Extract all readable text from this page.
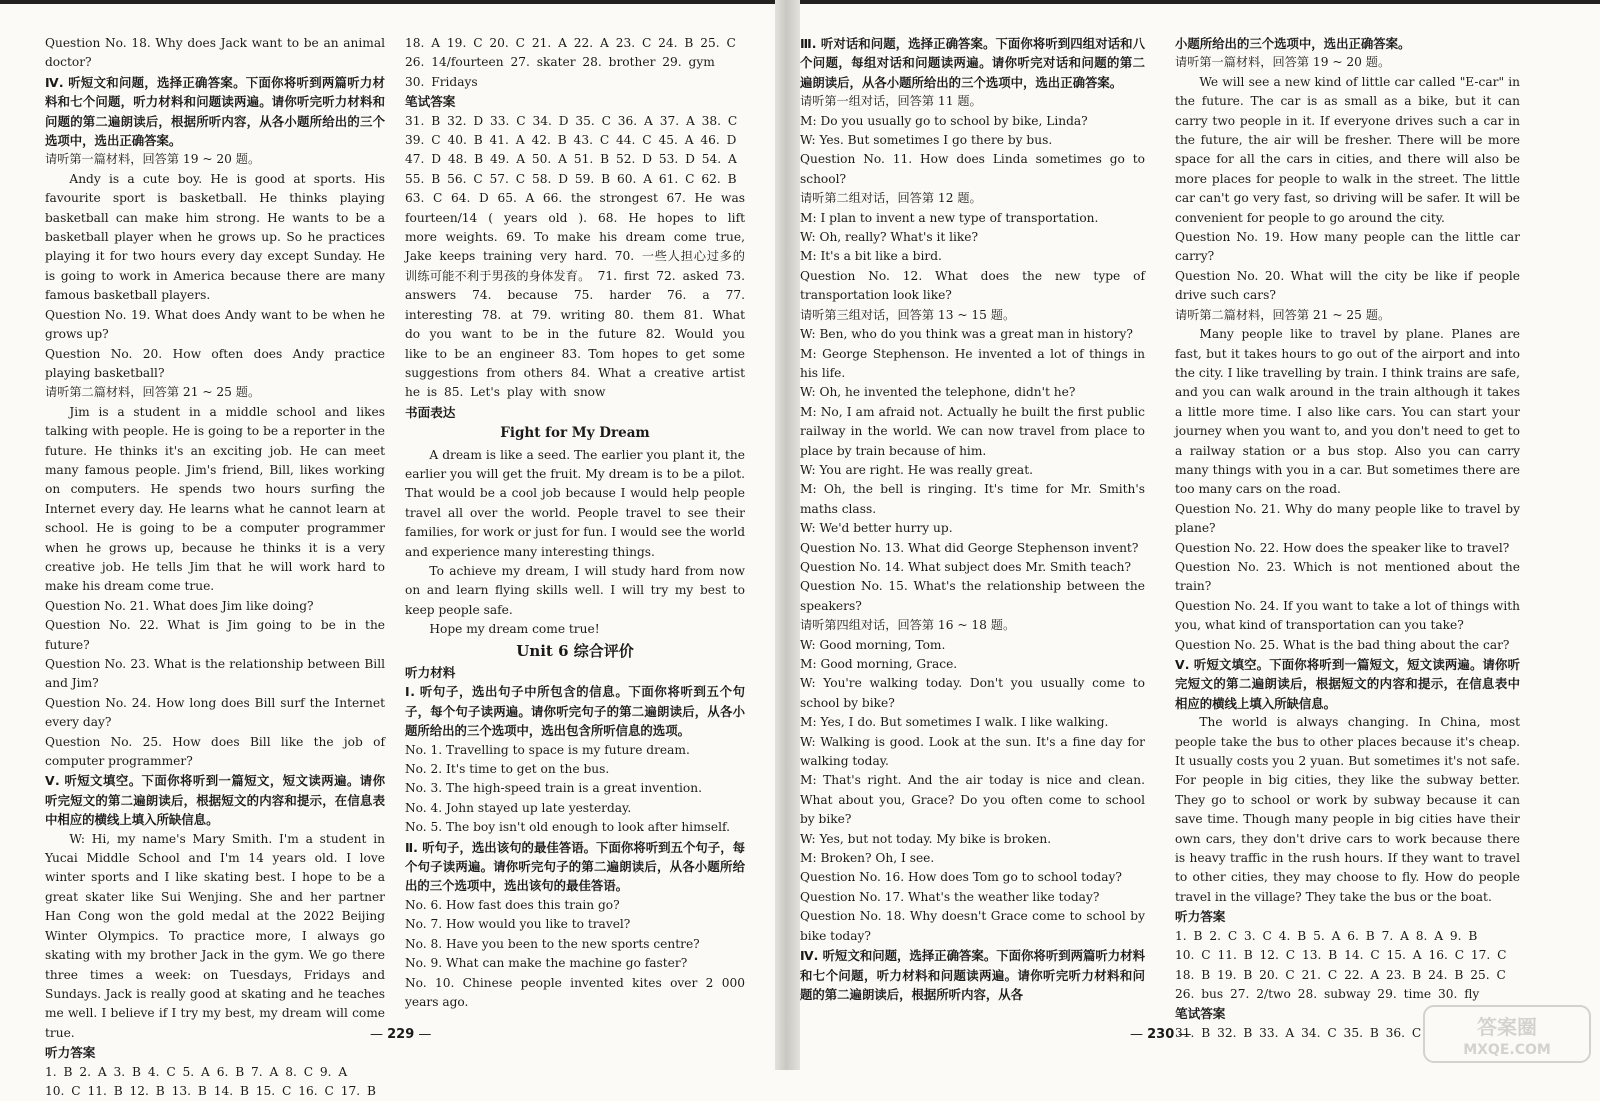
Question No. 18. Why does Jack want to be an animal doctor?

Ⅳ. 听短文和问题，选择正确答案。下面你将听到两篇听力材料和七个问题，听力材料和问题读两遍。请你听完听力材料和问题的第二遍朗读后，根据所听内容，从各小题所给出的三个选项中，选出正确答案。

请听第一篇材料，回答第 19 ~ 20 题。

Andy is a cute boy. He is good at sports. His favourite sport is basketball. He thinks playing basketball can make him strong. He wants to be a basketball player when he grows up. So he practices playing it for two hours every day except Sunday. He is going to work in America because there are many famous basketball players.

Question No. 19. What does Andy want to be when he grows up?

Question No. 20. How often does Andy practice playing basketball?

请听第二篇材料，回答第 21 ~ 25 题。

Jim is a student in a middle school and likes talking with people. He is going to be a reporter in the future. He thinks it's an exciting job. He can meet many famous people. Jim's friend, Bill, likes working on computers. He spends two hours surfing the Internet every day. He learns what he cannot learn at school. He is going to be a computer programmer when he grows up, because he thinks it is a very creative job. He tells Jim that he will work hard to make his dream come true.

Question No. 21. What does Jim like doing?

Question No. 22. What is Jim going to be in the future?

Question No. 23. What is the relationship between Bill and Jim?

Question No. 24. How long does Bill surf the Internet every day?

Question No. 25. How does Bill like the job of computer programmer?

Ⅴ. 听短文填空。下面你将听到一篇短文，短文读两遍。请你听完短文的第二遍朗读后，根据短文的内容和提示，在信息表中相应的横线上填入所缺信息。

W: Hi, my name's Mary Smith. I'm a student in Yucai Middle School and I'm 14 years old. I love winter sports and I like skating best. I hope to be a great skater like Sui Wenjing. She and her partner Han Cong won the gold medal at the 2022 Beijing Winter Olympics. To practice more, I always go skating with my brother Jack in the gym. We go there three times a week: on Tuesdays, Fridays and Sundays. Jack is really good at skating and he teaches me well. I believe if I try my best, my dream will come true.

听力答案

1. B 2. A 3. B 4. C 5. A 6. B 7. A 8. C 9. A

10. C 11. B 12. B 13. B 14. B 15. C 16. C 17. B

18. A 19. C 20. C 21. A 22. A 23. C 24. B 25. C

26. 14/fourteen 27. skater 28. brother 29. gym

30. Fridays

笔试答案

31. B 32. D 33. C 34. D 35. C 36. A 37. A 38. C

39. C 40. B 41. A 42. B 43. C 44. C 45. A 46. D

47. D 48. B 49. A 50. A 51. B 52. D 53. D 54. A

55. B 56. C 57. C 58. D 59. B 60. A 61. C 62. B

63. C 64. D 65. A 66. the strongest 67. He was fourteen/14 ( years old ). 68. He hopes to lift more weights. 69. To make his dream come true, Jake keeps training very hard. 70. 一些人担心过多的训练可能不利于男孩的身体发育。 71. first 72. asked 73. answers 74. because 75. harder 76. a 77. interesting 78. at 79. writing 80. them 81. What do you want to be in the future 82. Would you like to be an engineer 83. Tom hopes to get some suggestions from others 84. What a creative artist he is 85. Let's play with snow

书面表达

Fight for My Dream

A dream is like a seed. The earlier you plant it, the earlier you will get the fruit. My dream is to be a pilot. That would be a cool job because I would help people travel all over the world. People travel to see their families, for work or just for fun. I would see the world and experience many interesting things.

To achieve my dream, I will study hard from now on and learn flying skills well. I will try my best to keep people safe.

Hope my dream come true!

Unit 6 综合评价

听力材料

Ⅰ. 听句子，选出句子中所包含的信息。下面你将听到五个句子，每个句子读两遍。请你听完句子的第二遍朗读后，从各小题所给出的三个选项中，选出包含所听信息的选项。

No. 1. Travelling to space is my future dream.

No. 2. It's time to get on the bus.

No. 3. The high-speed train is a great invention.

No. 4. John stayed up late yesterday.

No. 5. The boy isn't old enough to look after himself.

Ⅱ. 听句子，选出该句的最佳答语。下面你将听到五个句子，每个句子读两遍。请你听完句子的第二遍朗读后，从各小题所给出的三个选项中，选出该句的最佳答语。

No. 6. How fast does this train go?

No. 7. How would you like to travel?

No. 8. Have you been to the new sports centre?

No. 9. What can make the machine go faster?

No. 10. Chinese people invented kites over 2 000 years ago.

— 229 —

Ⅲ. 听对话和问题，选择正确答案。下面你将听到四组对话和八个问题，每组对话和问题读两遍。请你听完对话和问题的第二遍朗读后，从各小题所给出的三个选项中，选出正确答案。

请听第一组对话，回答第 11 题。

M: Do you usually go to school by bike, Linda?

W: Yes. But sometimes I go there by bus.

Question No. 11. How does Linda sometimes go to school?

请听第二组对话，回答第 12 题。

M: I plan to invent a new type of transportation.

W: Oh, really? What's it like?

M: It's a bit like a bird.

Question No. 12. What does the new type of transportation look like?

请听第三组对话，回答第 13 ~ 15 题。

W: Ben, who do you think was a great man in history?

M: George Stephenson. He invented a lot of things in his life.

W: Oh, he invented the telephone, didn't he?

M: No, I am afraid not. Actually he built the first public railway in the world. We can now travel from place to place by train because of him.

W: You are right. He was really great.

M: Oh, the bell is ringing. It's time for Mr. Smith's maths class.

W: We'd better hurry up.

Question No. 13. What did George Stephenson invent?

Question No. 14. What subject does Mr. Smith teach?

Question No. 15. What's the relationship between the speakers?

请听第四组对话，回答第 16 ~ 18 题。

W: Good morning, Tom.

M: Good morning, Grace.

W: You're walking today. Don't you usually come to school by bike?

M: Yes, I do. But sometimes I walk. I like walking.

W: Walking is good. Look at the sun. It's a fine day for walking today.

M: That's right. And the air today is nice and clean. What about you, Grace? Do you often come to school by bike?

W: Yes, but not today. My bike is broken.

M: Broken? Oh, I see.

Question No. 16. How does Tom go to school today?

Question No. 17. What's the weather like today?

Question No. 18. Why doesn't Grace come to school by bike today?

Ⅳ. 听短文和问题，选择正确答案。下面你将听到两篇听力材料和七个问题，听力材料和问题读两遍。请你听完听力材料和问题的第二遍朗读后，根据所听内容，从各

小题所给出的三个选项中，选出正确答案。

请听第一篇材料，回答第 19 ~ 20 题。

We will see a new kind of little car called "E-car" in the future. The car is as small as a bike, but it can carry two people in it. If everyone drives such a car in the future, the air will be fresher. There will be more space for all the cars in cities, and there will also be more places for people to walk in the street. The little car can't go very fast, so driving will be safer. It will be convenient for people to go around the city.

Question No. 19. How many people can the little car carry?

Question No. 20. What will the city be like if people drive such cars?

请听第二篇材料，回答第 21 ~ 25 题。

Many people like to travel by plane. Planes are fast, but it takes hours to go out of the airport and into the city. I like travelling by train. I think trains are safe, and you can walk around in the train although it takes a little more time. I also like cars. You can start your journey when you want to, and you don't need to get to a railway station or a bus stop. Also you can carry many things with you in a car. But sometimes there are too many cars on the road.

Question No. 21. Why do many people like to travel by plane?

Question No. 22. How does the speaker like to travel?

Question No. 23. Which is not mentioned about the train?

Question No. 24. If you want to take a lot of things with you, what kind of transportation can you take?

Question No. 25. What is the bad thing about the car?

Ⅴ. 听短文填空。下面你将听到一篇短文，短文读两遍。请你听完短文的第二遍朗读后，根据短文的内容和提示，在信息表中相应的横线上填入所缺信息。

The world is always changing. In China, most people take the bus to other places because it's cheap. It usually costs you 2 yuan. But sometimes it's not safe. For people in big cities, they like the subway better. They go to school or work by subway because it can save time. Though many people in big cities have their own cars, they don't drive cars to work because there is heavy traffic in the rush hours. If they want to travel to other cities, they may choose to fly. How do people travel in the village? They take the bus or the boat.

听力答案

1. B 2. C 3. C 4. B 5. A 6. B 7. A 8. A 9. B

10. C 11. B 12. C 13. B 14. C 15. A 16. C 17. C

18. B 19. B 20. C 21. C 22. A 23. B 24. B 25. C

26. bus 27. 2/two 28. subway 29. time 30. fly

笔试答案

31. B 32. B 33. A 34. C 35. B 36. C

— 230 —	答案圈
MXQE.COM
